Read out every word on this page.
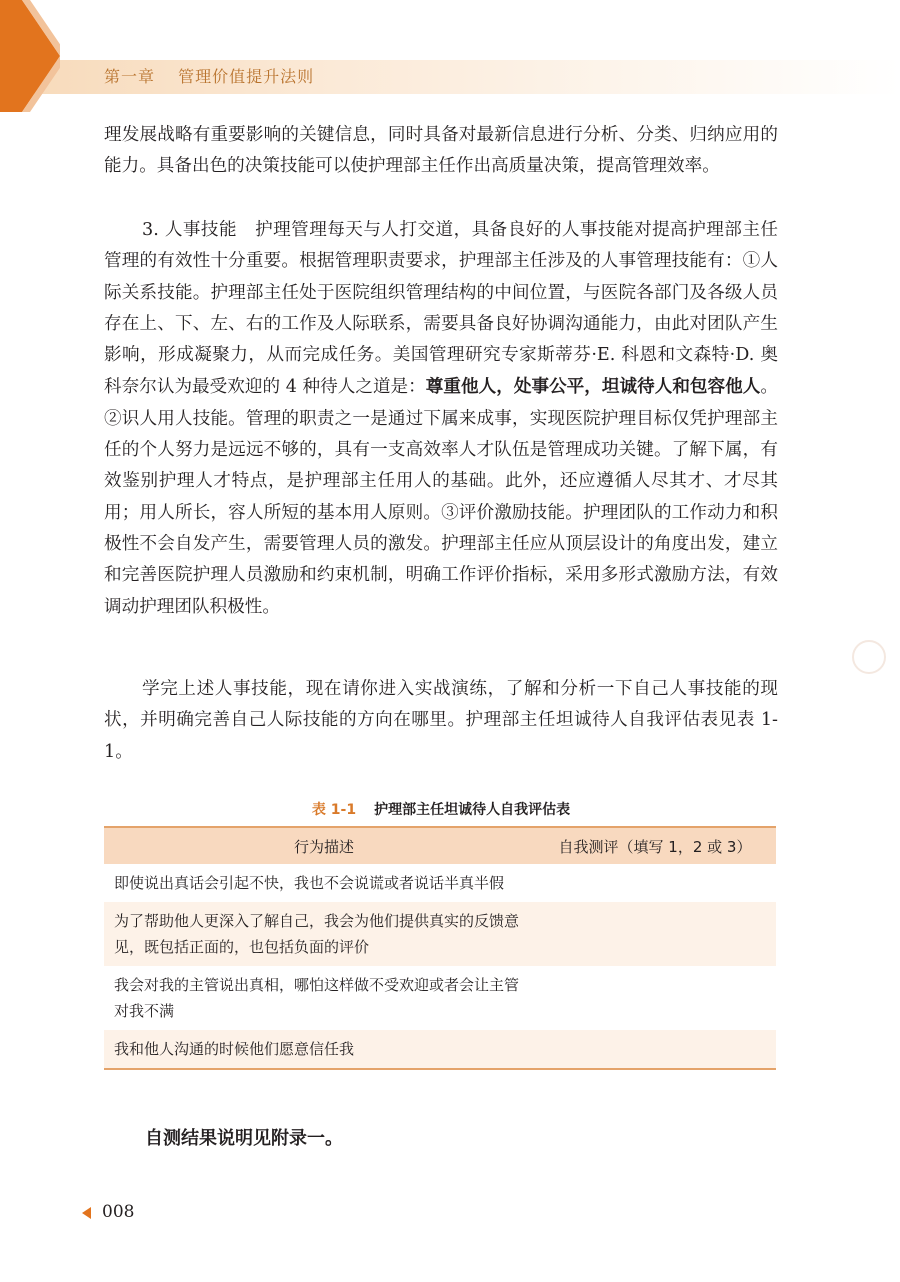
第一章　 管理价值提升法则

理发展战略有重要影响的关键信息，同时具备对最新信息进行分析、分类、归纳应用的能力。具备出色的决策技能可以使护理部主任作出高质量决策，提高管理效率。

3. 人事技能　护理管理每天与人打交道，具备良好的人事技能对提高护理部主任管理的有效性十分重要。根据管理职责要求，护理部主任涉及的人事管理技能有：①人际关系技能。护理部主任处于医院组织管理结构的中间位置，与医院各部门及各级人员存在上、下、左、右的工作及人际联系，需要具备良好协调沟通能力，由此对团队产生影响，形成凝聚力，从而完成任务。美国管理研究专家斯蒂芬·E. 科恩和文森特·D. 奥科奈尔认为最受欢迎的 4 种待人之道是：尊重他人，处事公平，坦诚待人和包容他人。②识人用人技能。管理的职责之一是通过下属来成事，实现医院护理目标仅凭护理部主任的个人努力是远远不够的，具有一支高效率人才队伍是管理成功关键。了解下属，有效鉴别护理人才特点，是护理部主任用人的基础。此外，还应遵循人尽其才、才尽其用；用人所长，容人所短的基本用人原则。③评价激励技能。护理团队的工作动力和积极性不会自发产生，需要管理人员的激发。护理部主任应从顶层设计的角度出发，建立和完善医院护理人员激励和约束机制，明确工作评价指标，采用多形式激励方法，有效调动护理团队积极性。

学完上述人事技能，现在请你进入实战演练，了解和分析一下自己人事技能的现状，并明确完善自己人际技能的方向在哪里。护理部主任坦诚待人自我评估表见表 1-1。

表 1-1 护理部主任坦诚待人自我评估表
行为描述	自我测评（填写 1，2 或 3）
即使说出真话会引起不快，我也不会说谎或者说话半真半假
为了帮助他人更深入了解自己，我会为他们提供真实的反馈意见，既包括正面的，也包括负面的评价
我会对我的主管说出真相，哪怕这样做不受欢迎或者会让主管对我不满
我和他人沟通的时候他们愿意信任我
自测结果说明见附录一。
008
